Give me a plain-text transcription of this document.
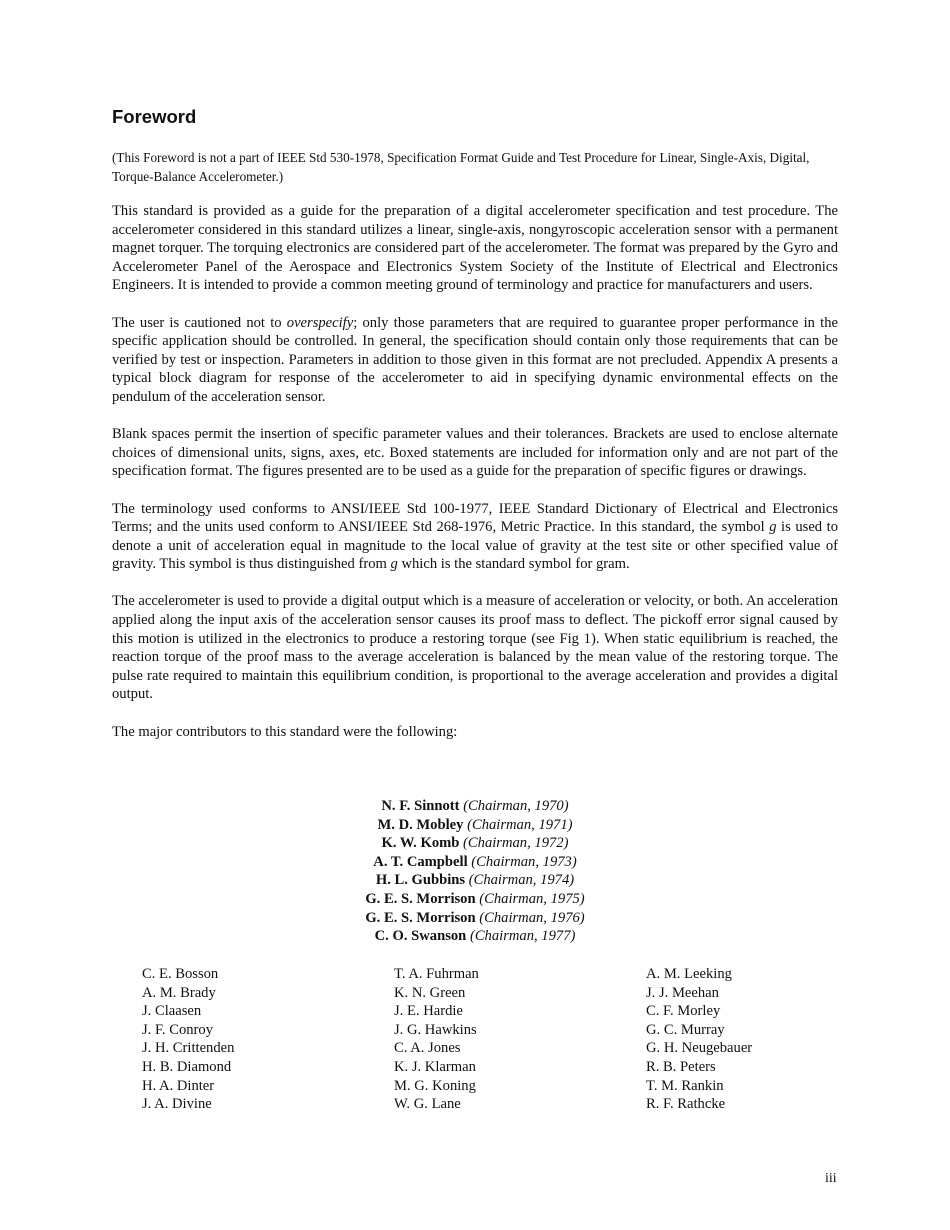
Foreword

(This Foreword is not a part of IEEE Std 530-1978, Specification Format Guide and Test Procedure for Linear, Single-Axis, Digital, Torque-Balance Accelerometer.)

This standard is provided as a guide for the preparation of a digital accelerometer specification and test procedure. The accelerometer considered in this standard utilizes a linear, single-axis, nongyroscopic acceleration sensor with a permanent magnet torquer. The torquing electronics are considered part of the accelerometer. The format was prepared by the Gyro and Accelerometer Panel of the Aerospace and Electronics System Society of the Institute of Electrical and Electronics Engineers. It is intended to provide a common meeting ground of terminology and practice for manufacturers and users.

The user is cautioned not to overspecify; only those parameters that are required to guarantee proper performance in the specific application should be controlled. In general, the specification should contain only those requirements that can be verified by test or inspection. Parameters in addition to those given in this format are not precluded. Appendix A presents a typical block diagram for response of the accelerometer to aid in specifying dynamic environmental effects on the pendulum of the acceleration sensor.

Blank spaces permit the insertion of specific parameter values and their tolerances. Brackets are used to enclose alternate choices of dimensional units, signs, axes, etc. Boxed statements are included for information only and are not part of the specification format. The figures presented are to be used as a guide for the preparation of specific figures or drawings.

The terminology used conforms to ANSI/IEEE Std 100-1977, IEEE Standard Dictionary of Electrical and Electronics Terms; and the units used conform to ANSI/IEEE Std 268-1976, Metric Practice. In this standard, the symbol g is used to denote a unit of acceleration equal in magnitude to the local value of gravity at the test site or other specified value of gravity. This symbol is thus distinguished from g which is the standard symbol for gram.

The accelerometer is used to provide a digital output which is a measure of acceleration or velocity, or both. An acceleration applied along the input axis of the acceleration sensor causes its proof mass to deflect. The pickoff error signal caused by this motion is utilized in the electronics to produce a restoring torque (see Fig 1). When static equilibrium is reached, the reaction torque of the proof mass to the average acceleration is balanced by the mean value of the restoring torque. The pulse rate required to maintain this equilibrium condition, is proportional to the average acceleration and provides a digital output.

The major contributors to this standard were the following:

N. F. Sinnott (Chairman, 1970)
M. D. Mobley (Chairman, 1971)
K. W. Komb (Chairman, 1972)
A. T. Campbell (Chairman, 1973)
H. L. Gubbins (Chairman, 1974)
G. E. S. Morrison (Chairman, 1975)
G. E. S. Morrison (Chairman, 1976)
C. O. Swanson (Chairman, 1977)
C. E. Bosson
A. M. Brady
J. Claasen
J. F. Conroy
J. H. Crittenden
H. B. Diamond
H. A. Dinter
J. A. Divine
T. A. Fuhrman
K. N. Green
J. E. Hardie
J. G. Hawkins
C. A. Jones
K. J. Klarman
M. G. Koning
W. G. Lane
A. M. Leeking
J. J. Meehan
C. F. Morley
G. C. Murray
G. H. Neugebauer
R. B. Peters
T. M. Rankin
R. F. Rathcke
iii
